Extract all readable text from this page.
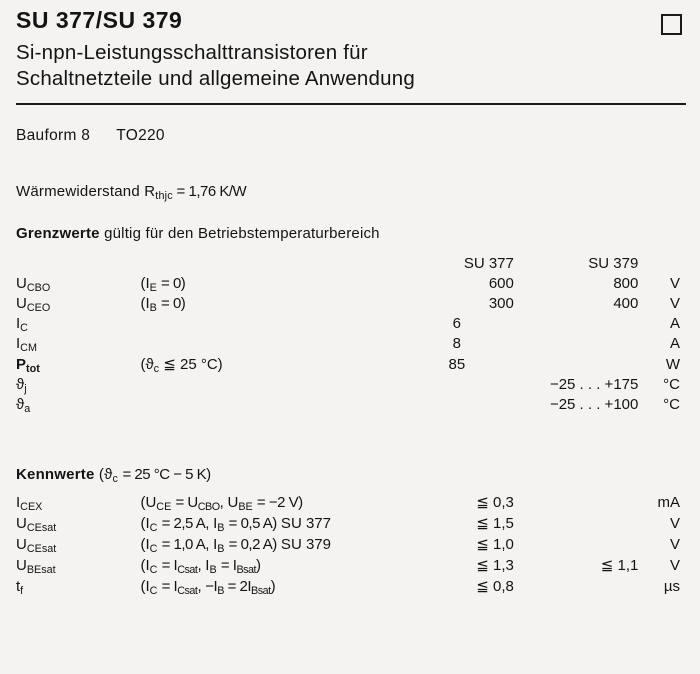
SU 377/SU 379
Si-npn-Leistungsschalttransistoren für
Schaltnetzteile und allgemeine Anwendung
Bauform 8 TO220
Wärmewiderstand $R_{thjc} = 1,76$ K/W
Grenzwerte gültig für den Betriebstemperaturbereich
		SU 377	SU 379	
$U_{CBO}$	$(I_E = 0)$	600	800	V
$U_{CEO}$	$(I_B = 0)$	300	400	V
$I_C$		6		A
$I_{CM}$		8		A
$P_{tot}$	($ϑ_c$ ≦ 25 °C)	85		W
$ϑ_j$			−25 . . . +175	°C
$ϑ_a$			−25 . . . +100	°C
Kennwerte ($ϑ_c = 25$ °C − 5 K)
$I_{CEX}$	($U_{CE} = U_{CBO}$, $U_{BE} = -2$ V)	≦ 0,3		mA
$U_{CEsat}$	($I_C = 2,5$ A, $I_B = 0,5$ A) SU 377	≦ 1,5		V
$U_{CEsat}$	($I_C = 1,0$ A, $I_B = 0,2$ A) SU 379	≦ 1,0		V
$U_{BEsat}$	($I_C = I_{Csat}$, $I_B = I_{Bsat}$)	≦ 1,3	≦ 1,1	V
$t_f$	($I_C = I_{Csat}$, $-I_B = 2I_{Bsat}$)	≦ 0,8		µs
